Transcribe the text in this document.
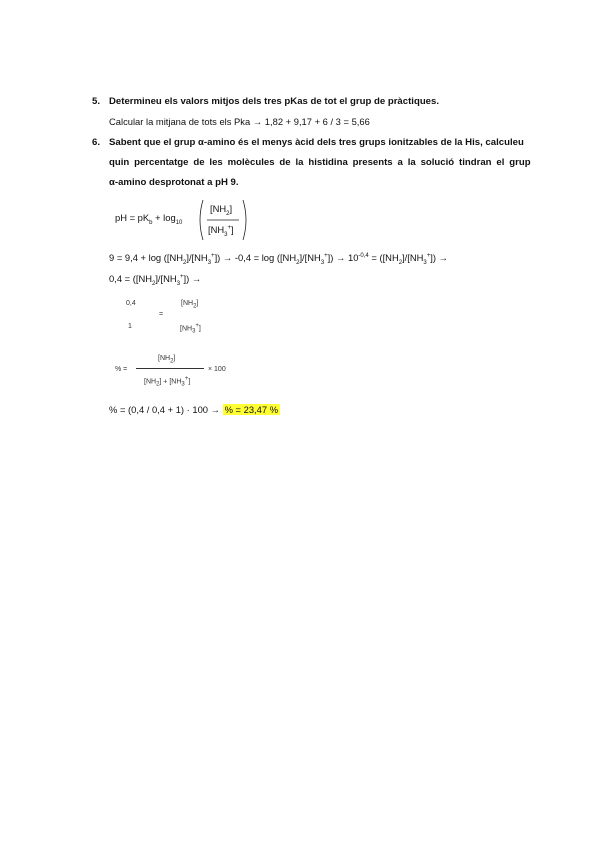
5. Determineu els valors mitjos dels tres pKas de tot el grup de pràctiques.
Calcular la mitjana de tots els Pka → 1,82 + 9,17 + 6 / 3 = 5,66
6. Sabent que el grup α-amino és el menys àcid dels tres grups ionitzables de la His, calculeu
quin percentatge de les molècules de la histidina presents a la solució tindran el grup
α-amino desprotonat a pH 9.
pH = $pK_b + \log_{10}$
$[NH_2]$
$[NH_3^+]$
$9 = 9,4 + \log ([NH_2]/[NH_3^+]) \to -0,4 = \log ([NH_2]/[NH_3^+]) \to 10^{-0,4} = ([NH_2]/[NH_3^+])$ →
$0,4 = ([NH_2]/[NH_3^+])$ →
0,4
1
=
$[NH_2]$
$[NH_3^+]$
% =
$[NH_2]$
$[NH_2] + [NH_3^+]$
× 100
% = (0,4 / 0,4 + 1) · 100 → % = 23,47 %
